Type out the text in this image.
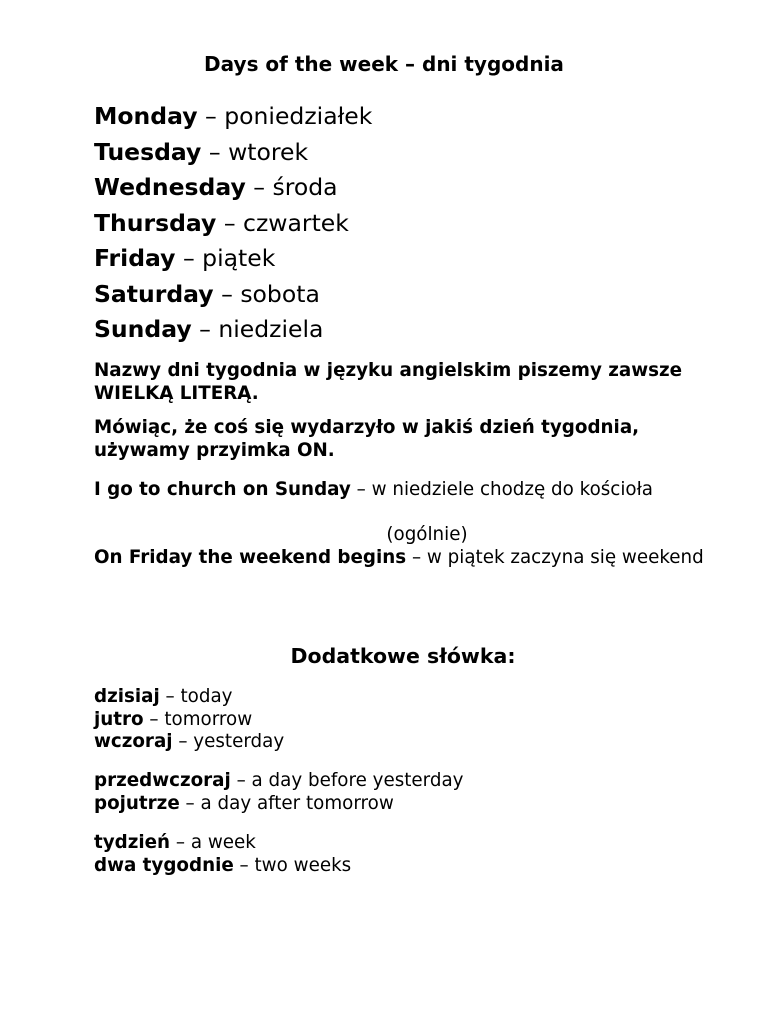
Days of the week – dni tygodnia
Monday – poniedziałek
Tuesday – wtorek
Wednesday – środa
Thursday – czwartek
Friday – piątek
Saturday – sobota
Sunday – niedziela
Nazwy dni tygodnia w języku angielskim piszemy zawsze WIELKĄ LITERĄ.
Mówiąc, że coś się wydarzyło w jakiś dzień tygodnia, używamy przyimka ON.
I go to church on Sunday – w niedziele chodzę do kościoła
(ogólnie)
On Friday the weekend begins – w piątek zaczyna się weekend
Dodatkowe słówka:
dzisiaj – today
jutro – tomorrow
wczoraj – yesterday
przedwczoraj – a day before yesterday
pojutrze – a day after tomorrow
tydzień – a week
dwa tygodnie – two weeks
